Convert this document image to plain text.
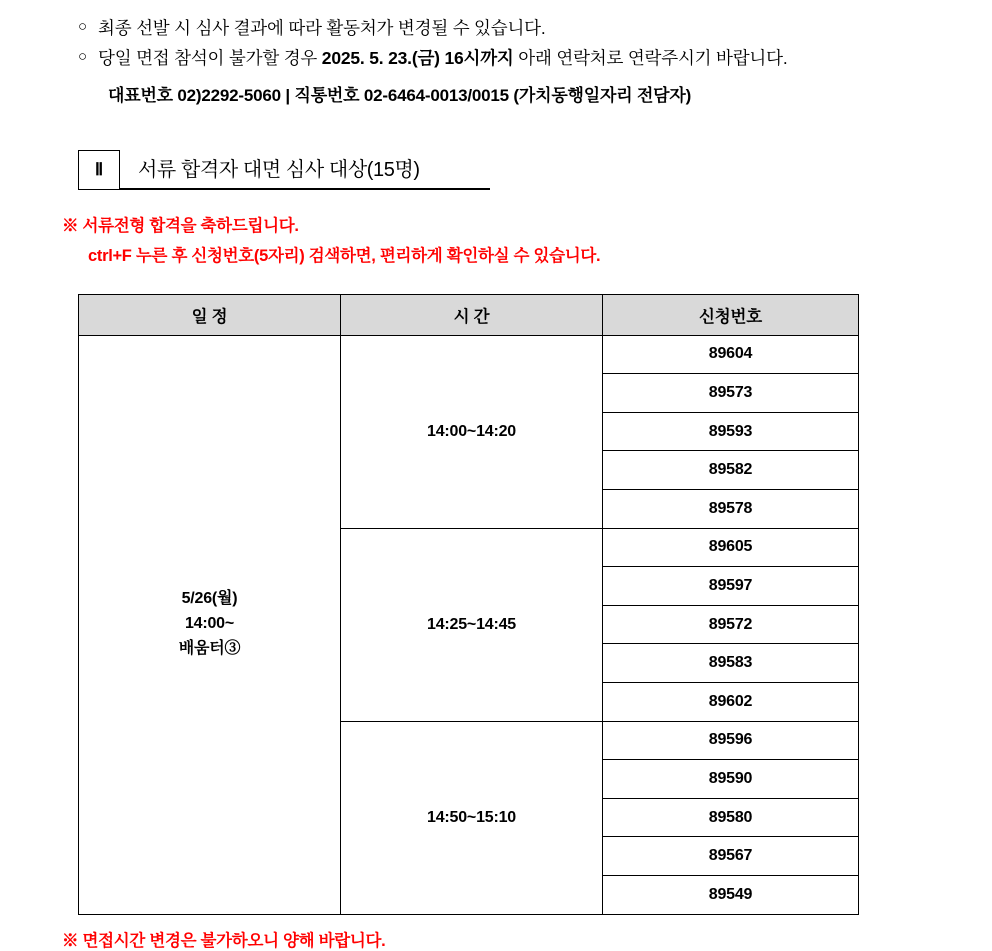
○ 최종 선발 시 심사 결과에 따라 활동처가 변경될 수 있습니다.
○ 당일 면접 참석이 불가할 경우 2025. 5. 23.(금) 16시까지 아래 연락처로 연락주시기 바랍니다.
대표번호 02)2292-5060 | 직통번호 02-6464-0013/0015 (가치동행일자리 전담자)
Ⅱ	서류 합격자 대면 심사 대상(15명)
※ 서류전형 합격을 축하드립니다.
ctrl+F 누른 후 신청번호(5자리) 검색하면, 편리하게 확인하실 수 있습니다.
일 정	시 간	신청번호
5/26(월)
14:00~
배움터③	14:00~14:20	89604
		89573
		89593
		89582
		89578
	14:25~14:45	89605
		89597
		89572
		89583
		89602
	14:50~15:10	89596
		89590
		89580
		89567
		89549
※ 면접시간 변경은 불가하오니 양해 바랍니다.
